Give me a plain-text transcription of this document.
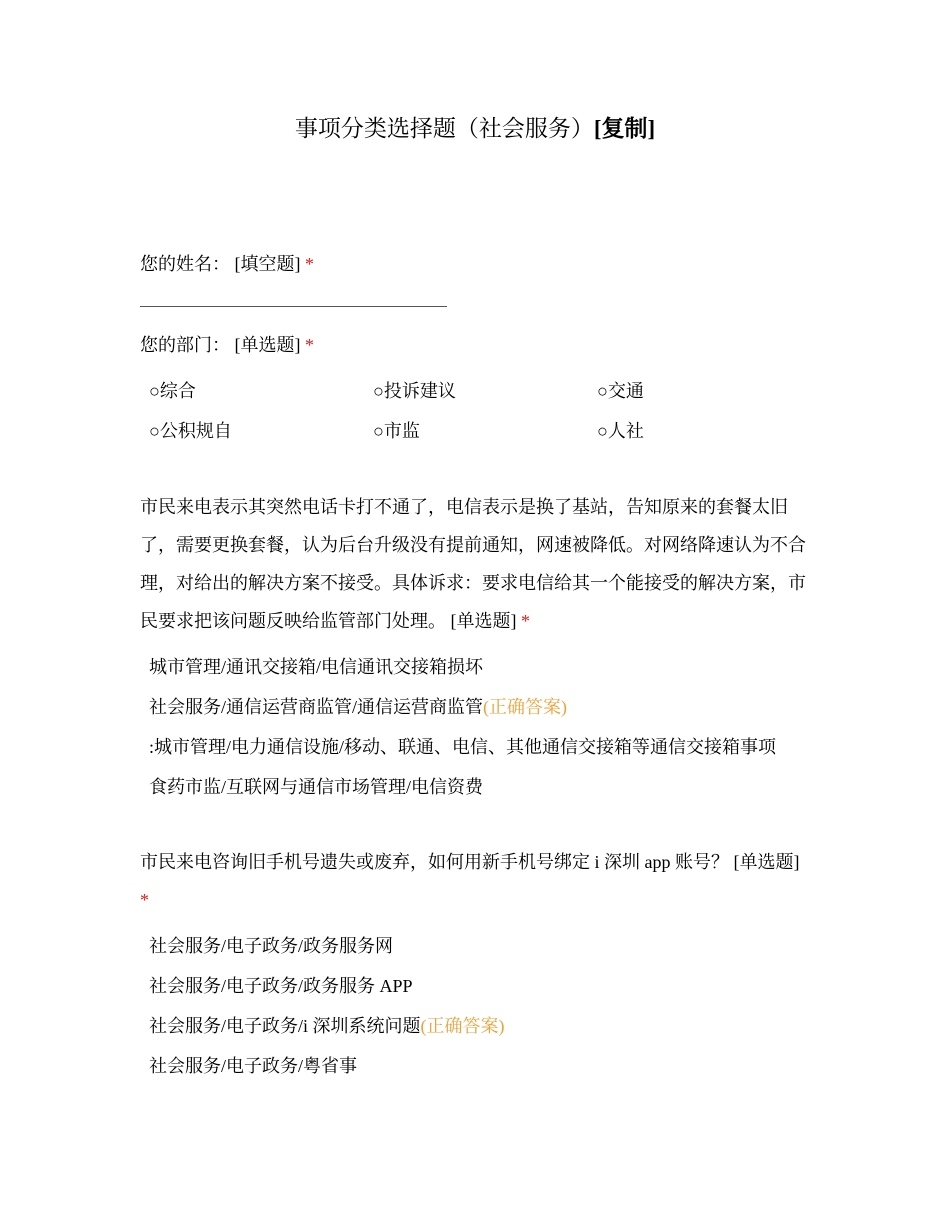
事项分类选择题（社会服务）[复制]
您的姓名： [填空题] *
您的部门： [单选题] *
○综合	○投诉建议	○交通
○公积规自	○市监	○人社
市民来电表示其突然电话卡打不通了，电信表示是换了基站，告知原来的套餐太旧了，需要更换套餐，认为后台升级没有提前通知，网速被降低。对网络降速认为不合理，对给出的解决方案不接受。具体诉求：要求电信给其一个能接受的解决方案，市民要求把该问题反映给监管部门处理。 [单选题] *
城市管理/通讯交接箱/电信通讯交接箱损坏
社会服务/通信运营商监管/通信运营商监管(正确答案)
:城市管理/电力通信设施/移动、联通、电信、其他通信交接箱等通信交接箱事项
食药市监/互联网与通信市场管理/电信资费
市民来电咨询旧手机号遗失或废弃，如何用新手机号绑定 i 深圳 app 账号？ [单选题] *
社会服务/电子政务/政务服务网
社会服务/电子政务/政务服务 APP
社会服务/电子政务/i 深圳系统问题(正确答案)
社会服务/电子政务/粤省事
